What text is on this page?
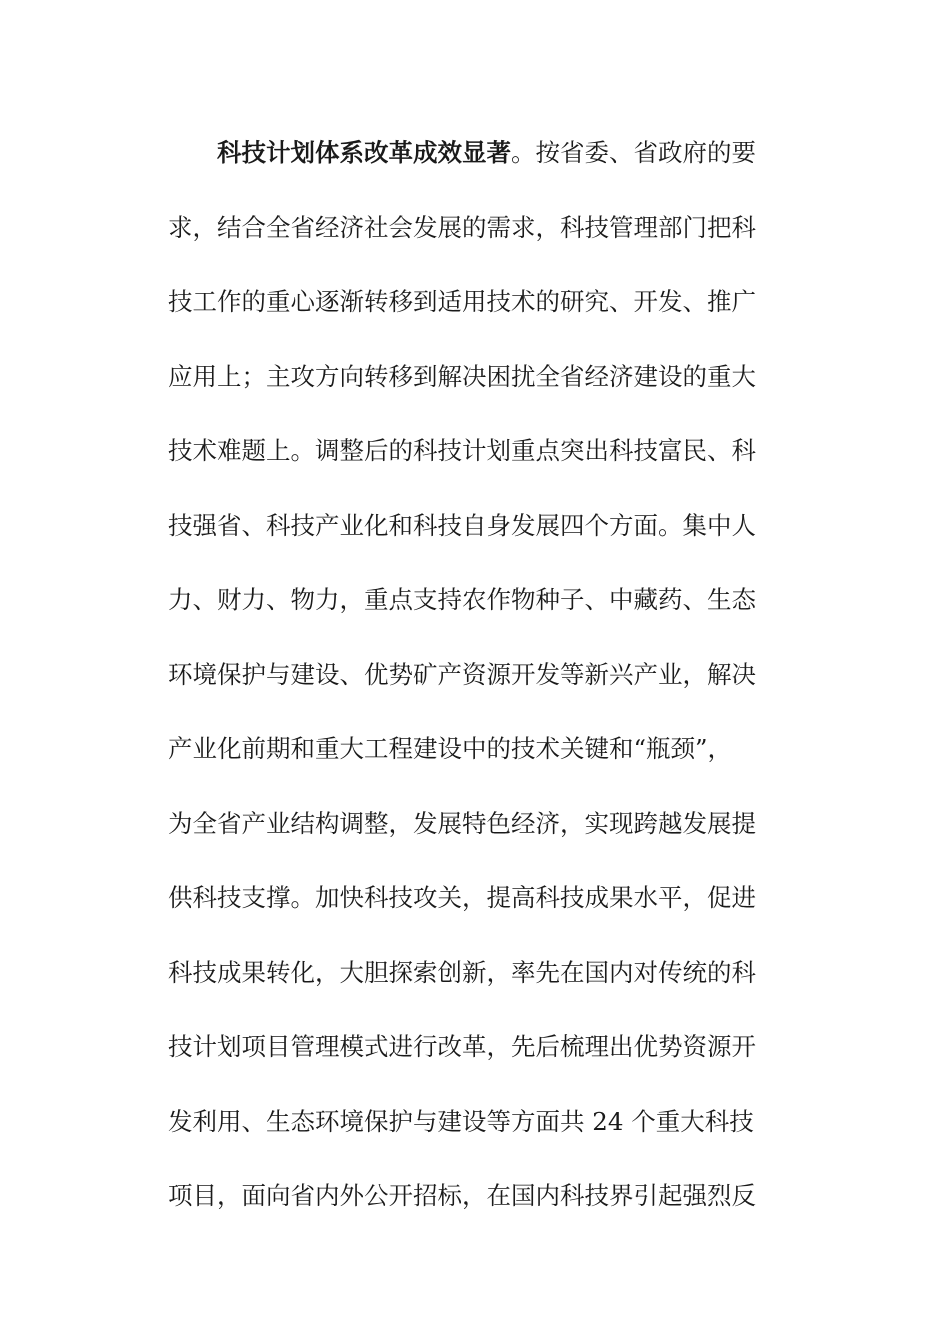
科技计划体系改革成效显著。按省委、省政府的要
求，结合全省经济社会发展的需求，科技管理部门把科
技工作的重心逐渐转移到适用技术的研究、开发、推广
应用上；主攻方向转移到解决困扰全省经济建设的重大
技术难题上。调整后的科技计划重点突出科技富民、科
技强省、科技产业化和科技自身发展四个方面。集中人
力、财力、物力，重点支持农作物种子、中藏药、生态
环境保护与建设、优势矿产资源开发等新兴产业，解决
产业化前期和重大工程建设中的技术关键和“瓶颈”，
为全省产业结构调整，发展特色经济，实现跨越发展提
供科技支撑。加快科技攻关，提高科技成果水平，促进
科技成果转化，大胆探索创新，率先在国内对传统的科
技计划项目管理模式进行改革，先后梳理出优势资源开
发利用、生态环境保护与建设等方面共 24 个重大科技
项目，面向省内外公开招标，在国内科技界引起强烈反
